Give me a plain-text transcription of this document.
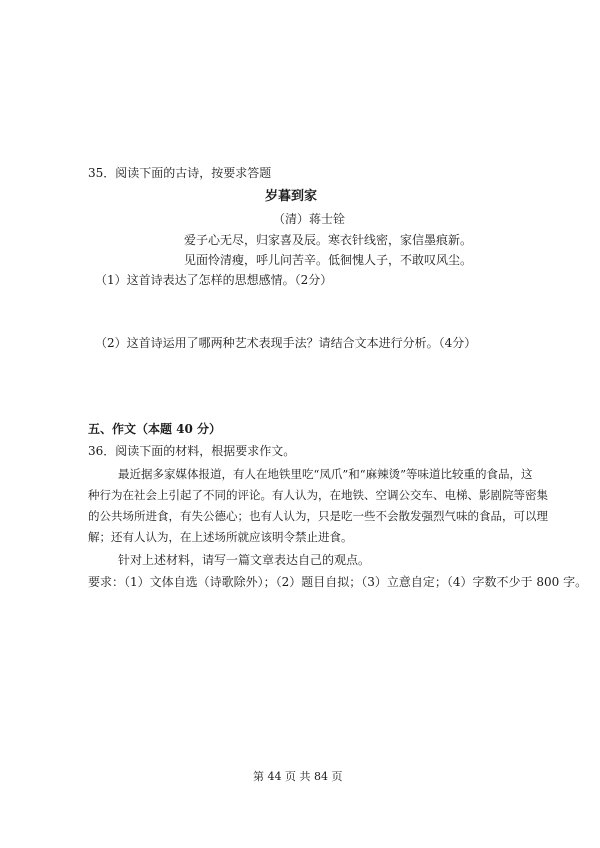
35．阅读下面的古诗，按要求答题
岁暮到家
（清）蒋士铨
爱子心无尽，归家喜及辰。寒衣针线密，家信墨痕新。
见面怜清瘦，呼儿问苦辛。低徊愧人子，不敢叹风尘。
（1）这首诗表达了怎样的思想感情。（2分）
（2）这首诗运用了哪两种艺术表现手法？请结合文本进行分析。（4分）
五、作文（本题 40 分）
36．阅读下面的材料，根据要求作文。
最近据多家媒体报道，有人在地铁里吃“凤爪”和“麻辣烫”等味道比较重的食品，这
种行为在社会上引起了不同的评论。有人认为，在地铁、空调公交车、电梯、影剧院等密集
的公共场所进食，有失公德心；也有人认为，只是吃一些不会散发强烈气味的食品，可以理
解；还有人认为，在上述场所就应该明令禁止进食。
针对上述材料，请写一篇文章表达自己的观点。
要求：（1）文体自选（诗歌除外）；（2）题目自拟；（3）立意自定；（4）字数不少于 800 字。
第 44 页 共 84 页
